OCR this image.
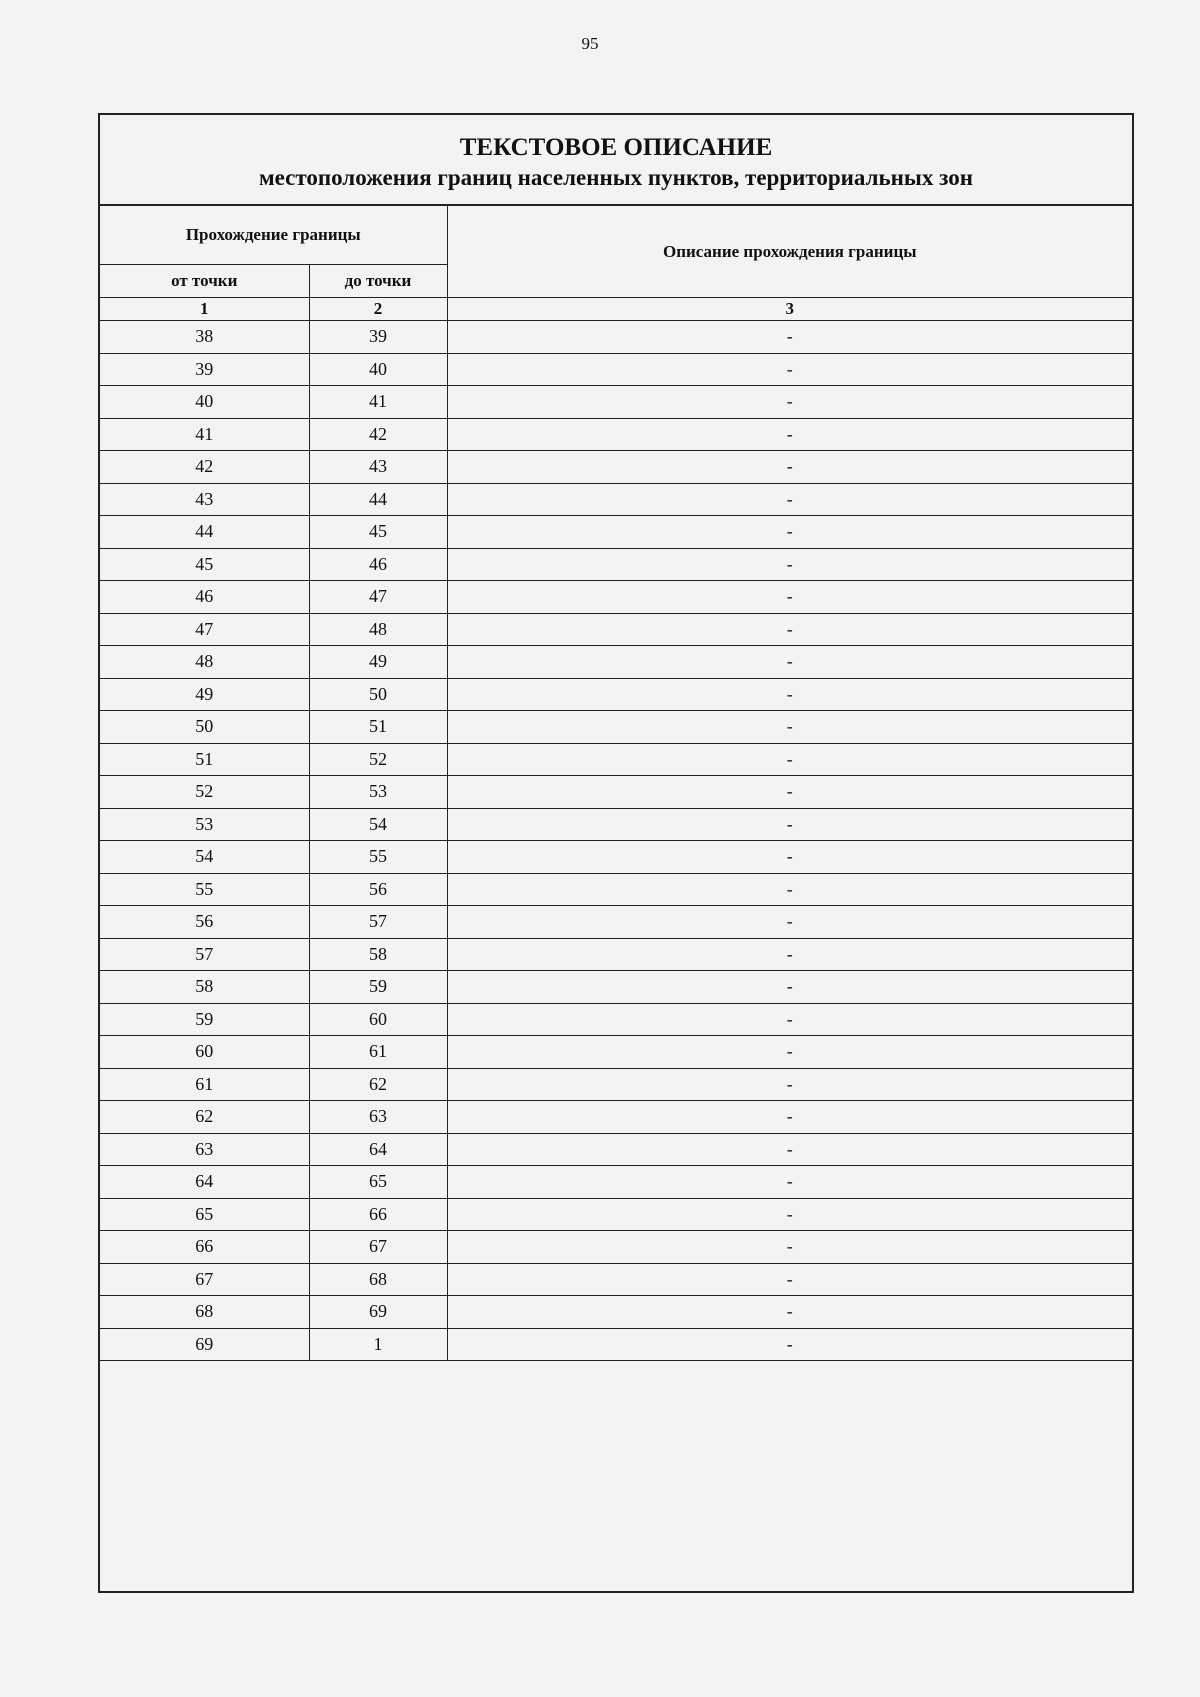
95
ТЕКСТОВОЕ ОПИСАНИЕ
местоположения границ населенных пунктов, территориальных зон
Прохождение границы		Описание прохождения границы
от точки	до точки	
1	2	3
38	39	-
39	40	-
40	41	-
41	42	-
42	43	-
43	44	-
44	45	-
45	46	-
46	47	-
47	48	-
48	49	-
49	50	-
50	51	-
51	52	-
52	53	-
53	54	-
54	55	-
55	56	-
56	57	-
57	58	-
58	59	-
59	60	-
60	61	-
61	62	-
62	63	-
63	64	-
64	65	-
65	66	-
66	67	-
67	68	-
68	69	-
69	1	-
